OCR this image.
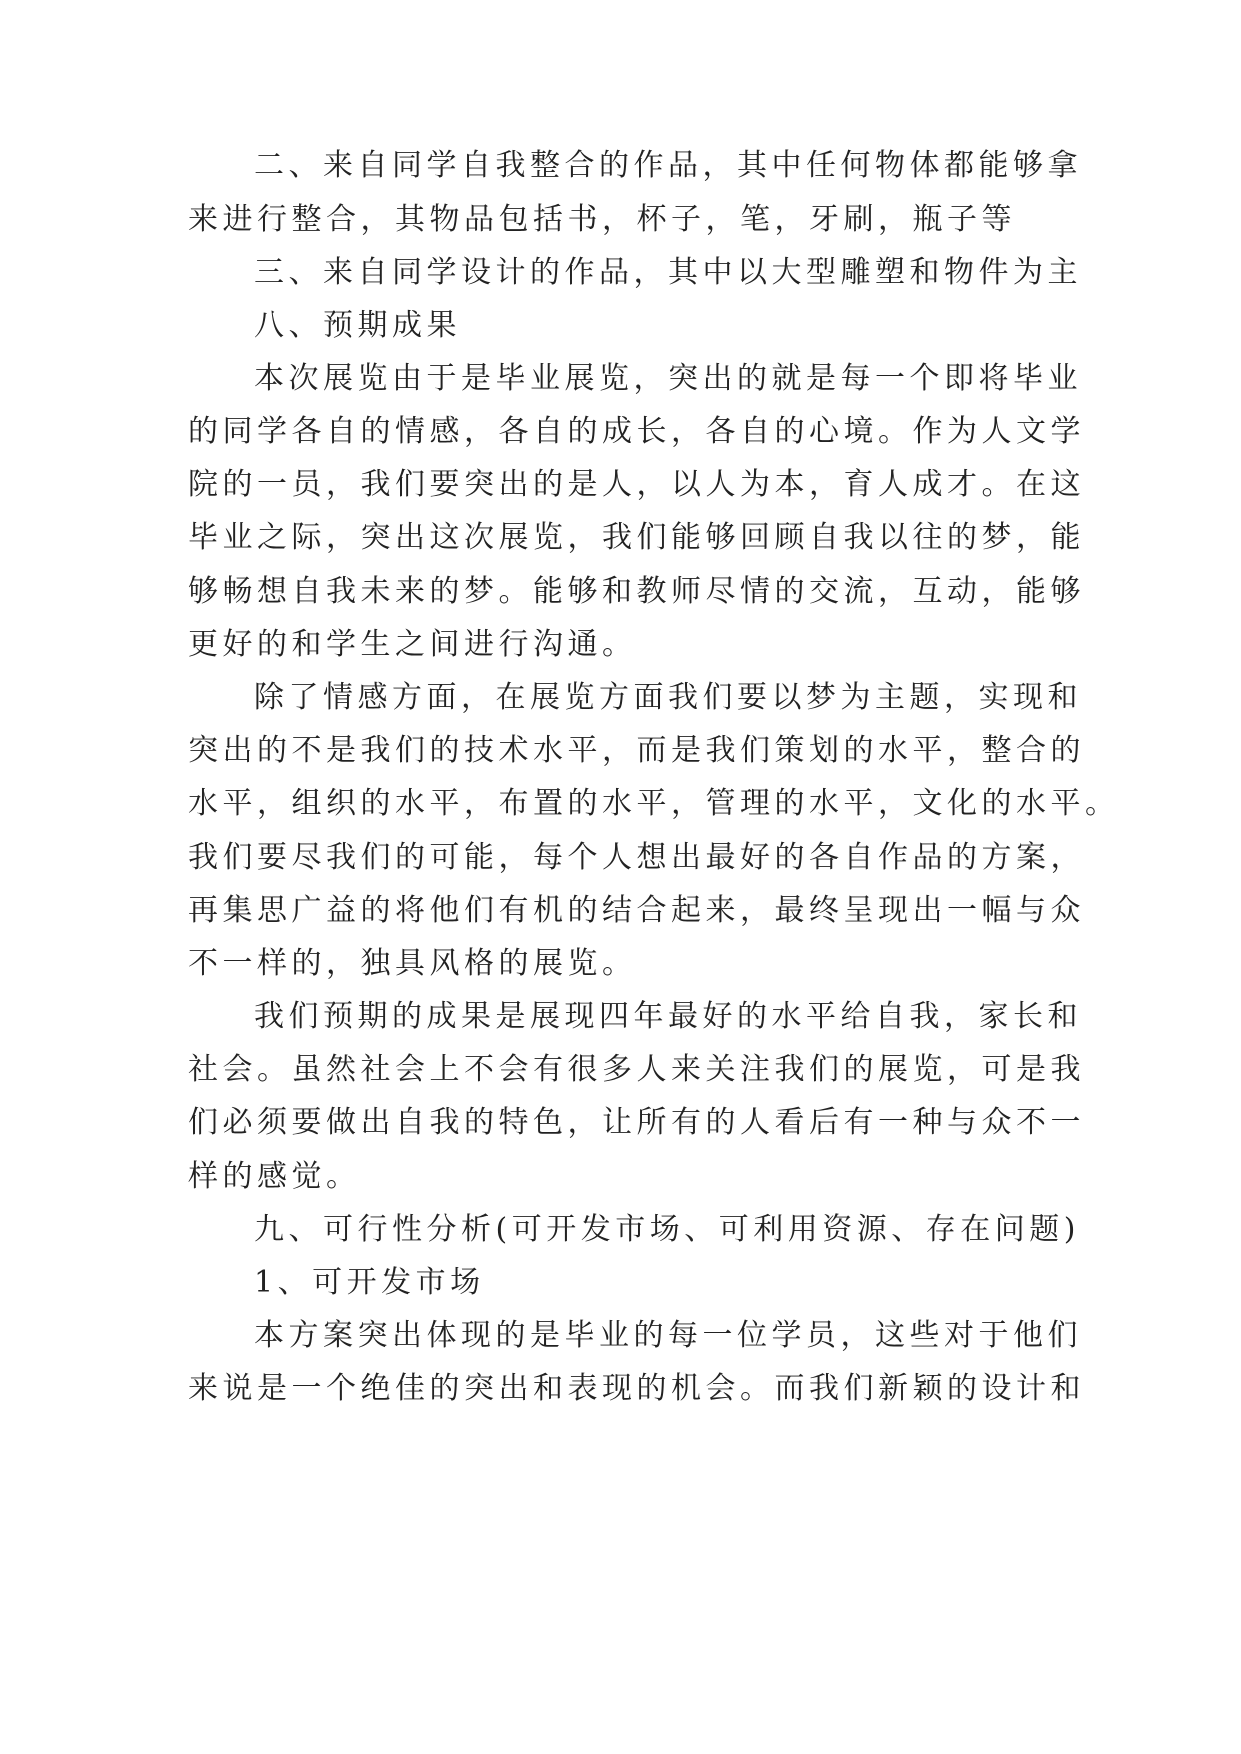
二、来自同学自我整合的作品，其中任何物体都能够拿

来进行整合，其物品包括书，杯子，笔，牙刷，瓶子等

三、来自同学设计的作品，其中以大型雕塑和物件为主

八、预期成果

本次展览由于是毕业展览，突出的就是每一个即将毕业

的同学各自的情感，各自的成长，各自的心境。作为人文学

院的一员，我们要突出的是人，以人为本，育人成才。在这

毕业之际，突出这次展览，我们能够回顾自我以往的梦，能

够畅想自我未来的梦。能够和教师尽情的交流，互动，能够

更好的和学生之间进行沟通。

除了情感方面，在展览方面我们要以梦为主题，实现和

突出的不是我们的技术水平，而是我们策划的水平，整合的

水平，组织的水平，布置的水平，管理的水平，文化的水平。

我们要尽我们的可能，每个人想出最好的各自作品的方案，

再集思广益的将他们有机的结合起来，最终呈现出一幅与众

不一样的，独具风格的展览。

我们预期的成果是展现四年最好的水平给自我，家长和

社会。虽然社会上不会有很多人来关注我们的展览，可是我

们必须要做出自我的特色，让所有的人看后有一种与众不一

样的感觉。

九、可行性分析(可开发市场、可利用资源、存在问题)

1、可开发市场

本方案突出体现的是毕业的每一位学员，这些对于他们

来说是一个绝佳的突出和表现的机会。而我们新颖的设计和
